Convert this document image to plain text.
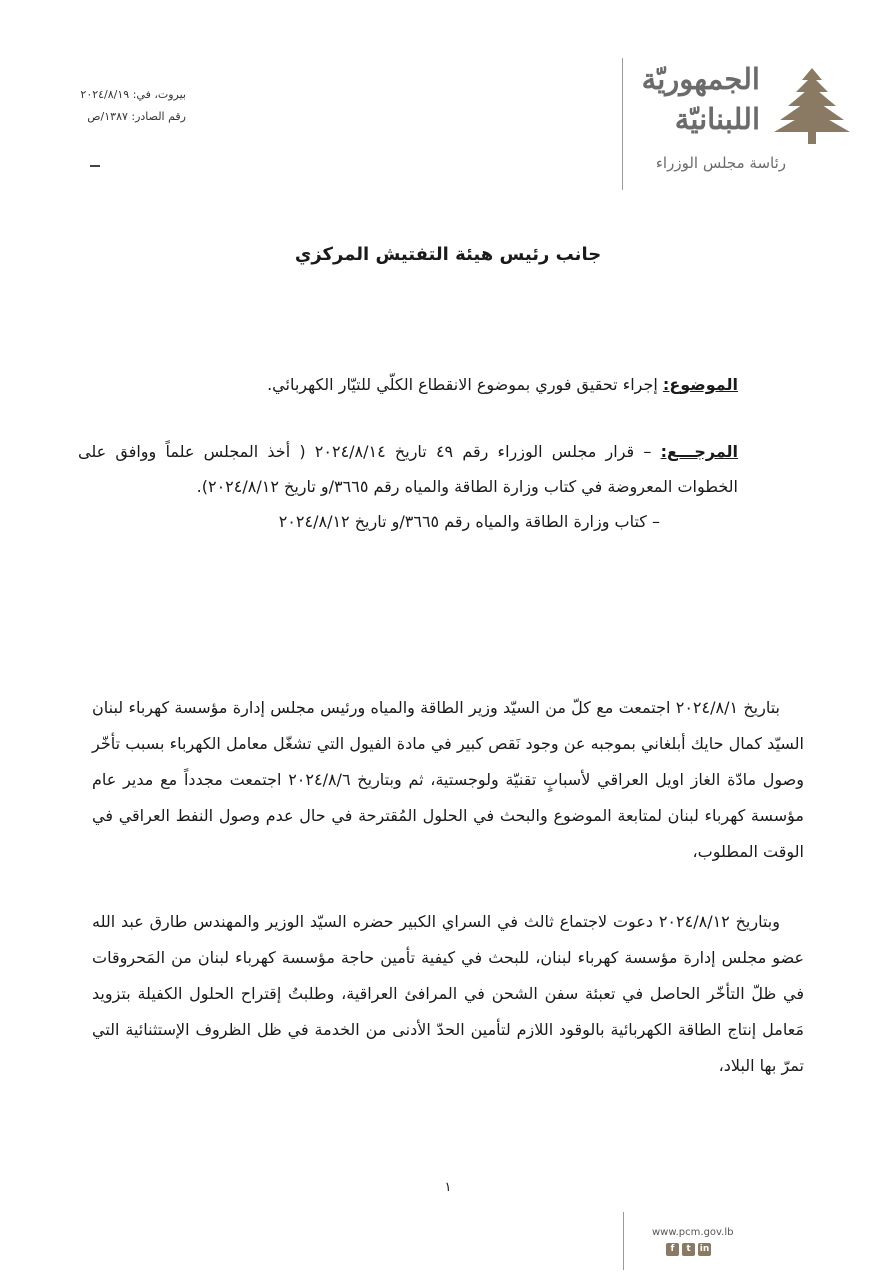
الجمهوريّة
اللبنانيّة
رئاسة مجلس الوزراء
بيروت، في: ٢٠٢٤/٨/١٩
رقم الصادر: ١٣٨٧/ص
جانب رئيس هيئة التفتيش المركزي
الموضوع: إجراء تحقيق فوري بموضوع الانقطاع الكلّي للتيّار الكهربائي.

المرجـــع: – قرار مجلس الوزراء رقم ٤٩ تاريخ ٢٠٢٤/٨/١٤ ( أخذ المجلس علماً ووافق على الخطوات المعروضة في كتاب وزارة الطاقة والمياه رقم ٣٦٦٥/و تاريخ ٢٠٢٤/٨/١٢).

– كتاب وزارة الطاقة والمياه رقم ٣٦٦٥/و تاريخ ٢٠٢٤/٨/١٢

بتاريخ ٢٠٢٤/٨/١ اجتمعت مع كلّ من السيّد وزير الطاقة والمياه ورئيس مجلس إدارة مؤسسة كهرباء لبنان السيّد كمال حايك أبلغاني بموجبه عن وجود نَقص كبير في مادة الفيول التي تشغّل معامل الكهرباء بسبب تأخّر وصول مادّة الغاز اويل العراقي لأسبابٍ تقنيّة ولوجستية، ثم وبتاريخ ٢٠٢٤/٨/٦ اجتمعت مجدداً مع مدير عام مؤسسة كهرباء لبنان لمتابعة الموضوع والبحث في الحلول المُقترحة في حال عدم وصول النفط العراقي في الوقت المطلوب،

وبتاريخ ٢٠٢٤/٨/١٢ دعوت لاجتماع ثالث في السراي الكبير حضره السيّد الوزير والمهندس طارق عبد الله عضو مجلس إدارة مؤسسة كهرباء لبنان، للبحث في كيفية تأمين حاجة مؤسسة كهرباء لبنان من المَحروقات في ظلّ التأخّر الحاصل في تعبئة سفن الشحن في المرافئ العراقية، وطلبتُ إقتراح الحلول الكفيلة بتزويد مَعامل إنتاج الطاقة الكهربائية بالوقود اللازم لتأمين الحدّ الأدنى من الخدمة في ظل الظروف الإستثنائية التي تمرّ بها البلاد،

١
www.pcm.gov.lb
f	t	in
